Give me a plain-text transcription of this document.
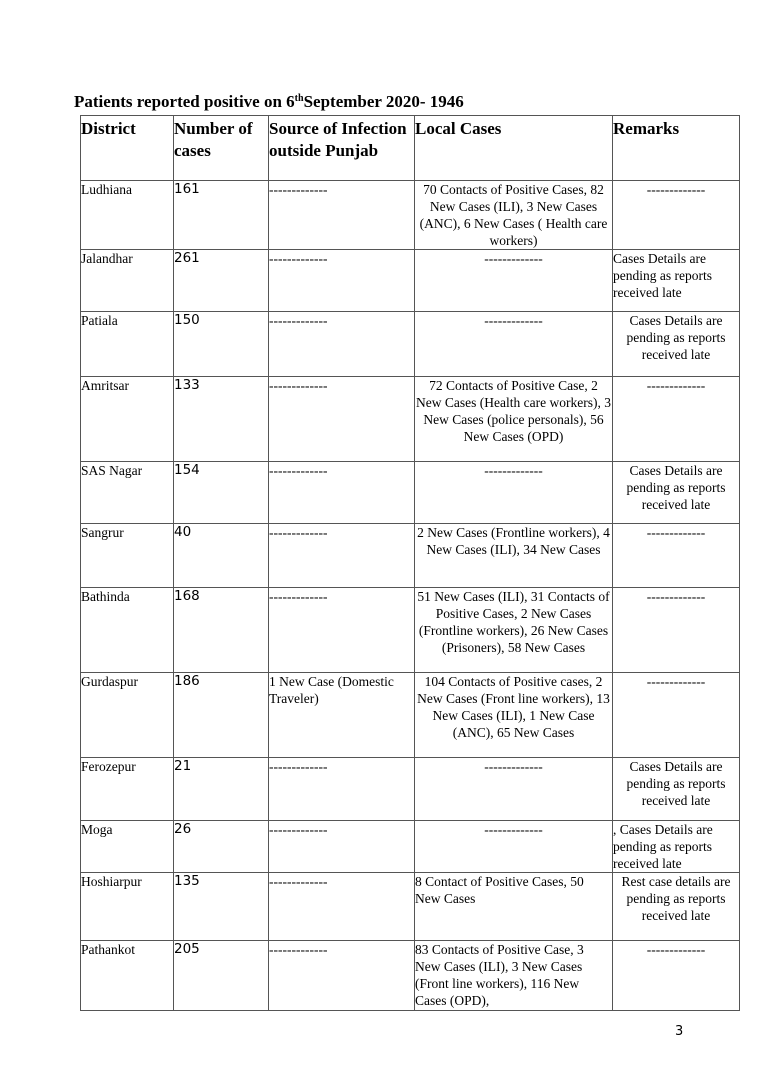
Patients reported positive on 6thSeptember 2020- 1946
District	Number of cases	Source of Infection outside Punjab	Local Cases	Remarks
Ludhiana	161	-------------	70 Contacts of Positive Cases, 82 New Cases (ILI), 3 New Cases (ANC), 6 New Cases ( Health care workers)	-------------
Jalandhar	261	-------------	-------------	Cases Details are pending as reports received late
Patiala	150	-------------	-------------	Cases Details are pending as reports received late
Amritsar	133	-------------	72 Contacts of Positive Case, 2 New Cases (Health care workers), 3 New Cases (police personals), 56 New Cases (OPD)	-------------
SAS Nagar	154	-------------	-------------	Cases Details are pending as reports received late
Sangrur	40	-------------	2 New Cases (Frontline workers), 4 New Cases (ILI), 34 New Cases	-------------
Bathinda	168	-------------	51 New Cases (ILI), 31 Contacts of Positive Cases, 2 New Cases (Frontline workers), 26 New Cases (Prisoners), 58 New Cases	-------------
Gurdaspur	186	1 New Case (Domestic Traveler)	104 Contacts of Positive cases, 2 New Cases (Front line workers), 13 New Cases (ILI), 1 New Case (ANC), 65 New Cases	-------------
Ferozepur	21	-------------	-------------	Cases Details are pending as reports received late
Moga	26	-------------	-------------	, Cases Details are pending as reports received late
Hoshiarpur	135	-------------	8 Contact of Positive Cases, 50 New Cases	Rest case details are pending as reports received late
Pathankot	205	-------------	83 Contacts of Positive Case, 3 New Cases (ILI), 3 New Cases (Front line workers), 116 New Cases (OPD),	-------------
3
